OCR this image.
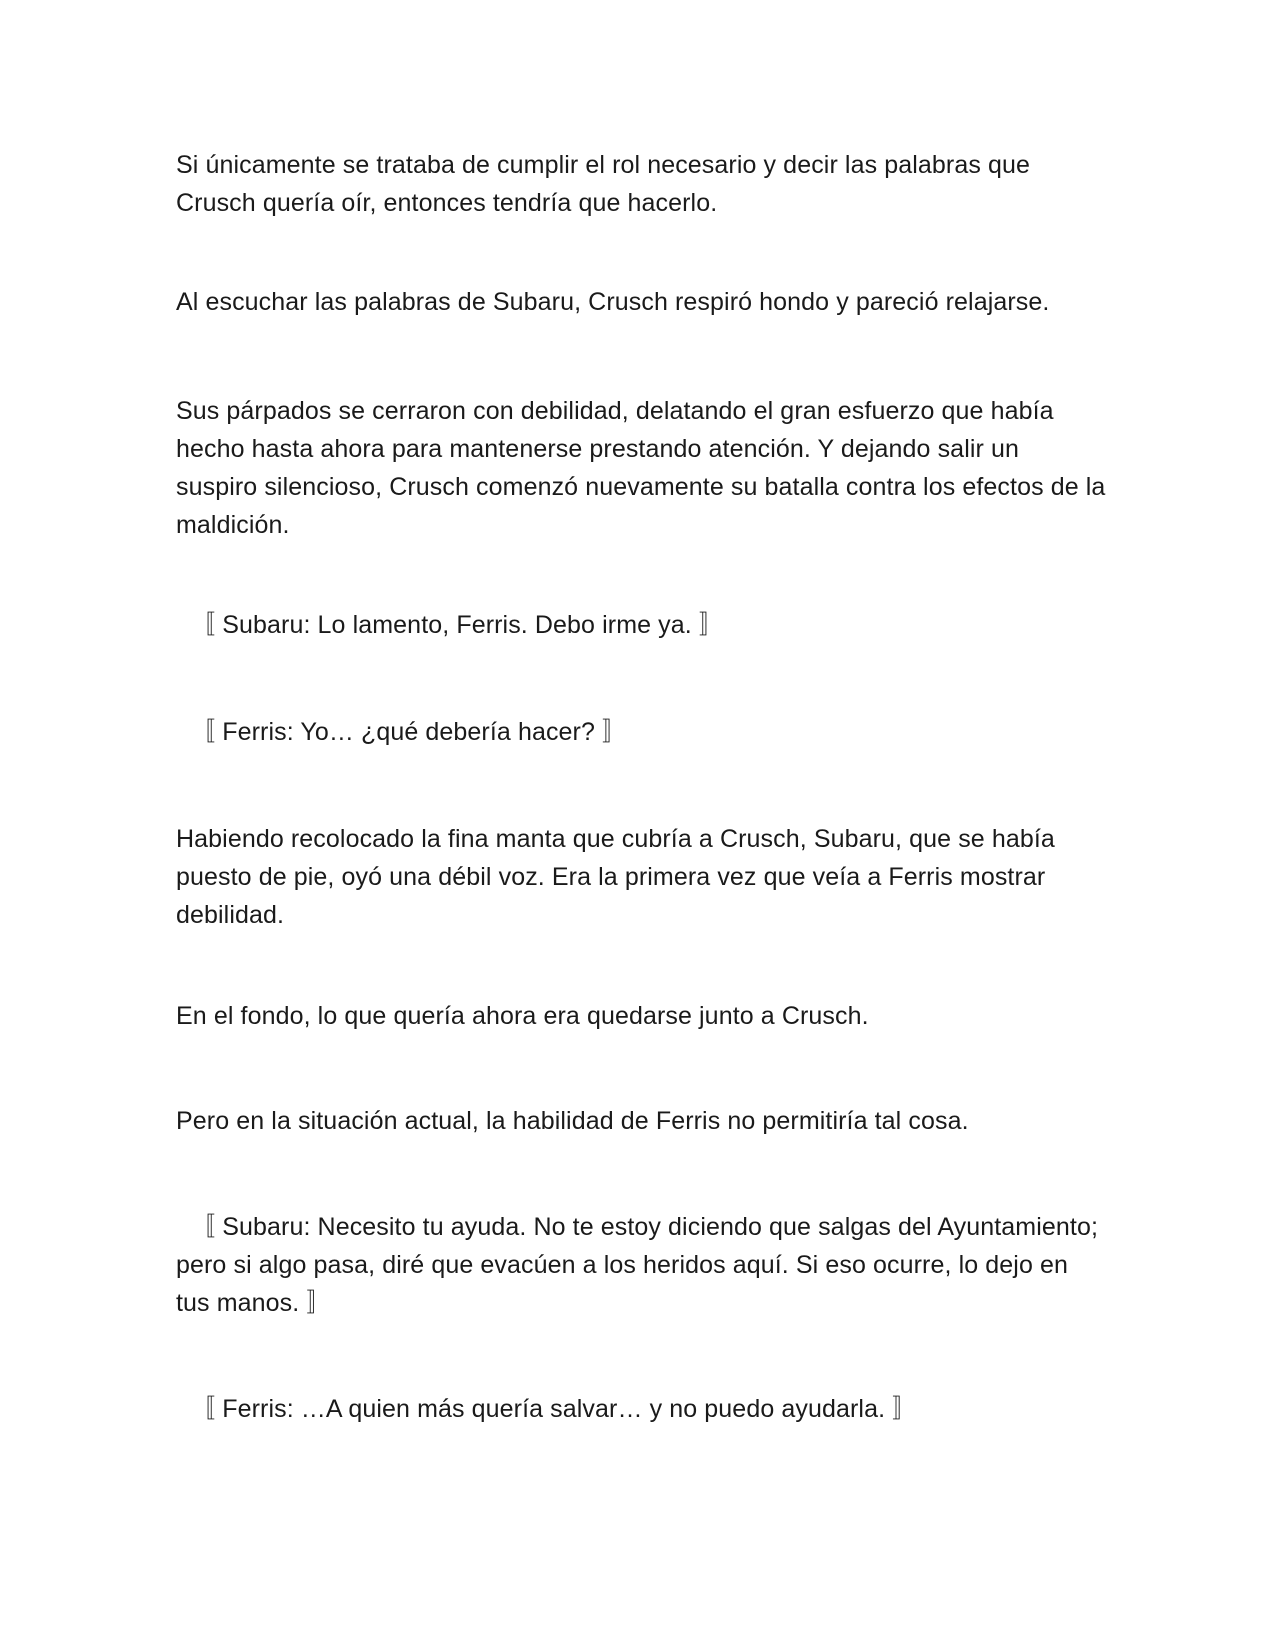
Si únicamente se trataba de cumplir el rol necesario y decir las palabras que Crusch quería oír, entonces tendría que hacerlo.

Al escuchar las palabras de Subaru, Crusch respiró hondo y pareció relajarse.

Sus párpados se cerraron con debilidad, delatando el gran esfuerzo que había hecho hasta ahora para mantenerse prestando atención. Y dejando salir un suspiro silencioso, Crusch comenzó nuevamente su batalla contra los efectos de la maldición.

〚 Subaru: Lo lamento, Ferris. Debo irme ya. 〛

〚 Ferris: Yo… ¿qué debería hacer? 〛

Habiendo recolocado la fina manta que cubría a Crusch, Subaru, que se había puesto de pie, oyó una débil voz. Era la primera vez que veía a Ferris mostrar debilidad.

En el fondo, lo que quería ahora era quedarse junto a Crusch.

Pero en la situación actual, la habilidad de Ferris no permitiría tal cosa.

〚 Subaru: Necesito tu ayuda. No te estoy diciendo que salgas del Ayuntamiento; pero si algo pasa, diré que evacúen a los heridos aquí. Si eso ocurre, lo dejo en tus manos. 〛

〚 Ferris: …A quien más quería salvar… y no puedo ayudarla. 〛
